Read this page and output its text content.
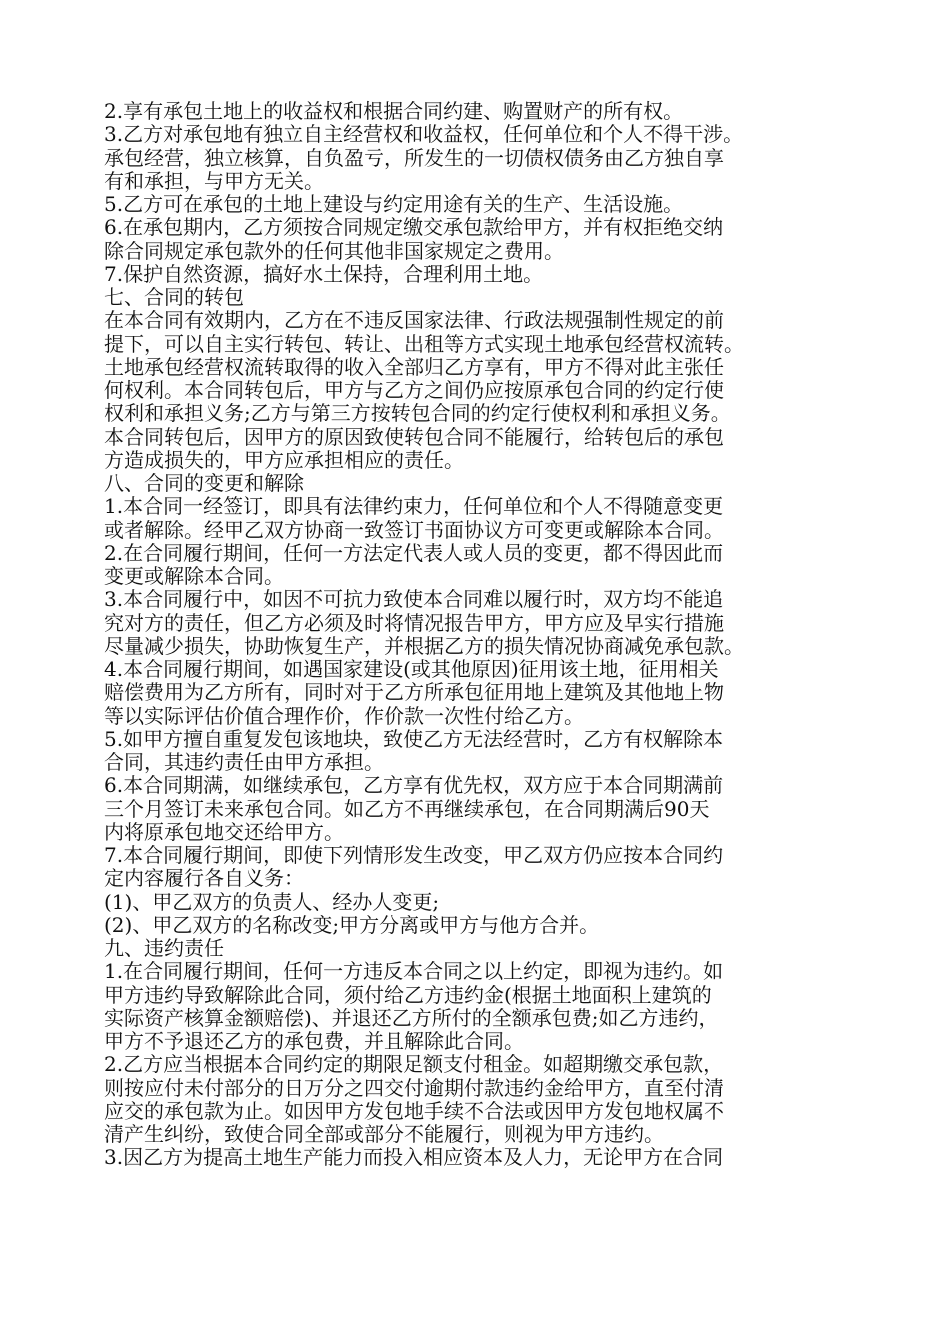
2.享有承包土地上的收益权和根据合同约建、购置财产的所有权。
3.乙方对承包地有独立自主经营权和收益权，任何单位和个人不得干涉。
承包经营，独立核算，自负盈亏，所发生的一切债权债务由乙方独自享
有和承担，与甲方无关。
5.乙方可在承包的土地上建设与约定用途有关的生产、生活设施。
6.在承包期内，乙方须按合同规定缴交承包款给甲方，并有权拒绝交纳
除合同规定承包款外的任何其他非国家规定之费用。
7.保护自然资源，搞好水土保持，合理利用土地。
七、合同的转包
在本合同有效期内，乙方在不违反国家法律、行政法规强制性规定的前
提下，可以自主实行转包、转让、出租等方式实现土地承包经营权流转。
土地承包经营权流转取得的收入全部归乙方享有，甲方不得对此主张任
何权利。本合同转包后，甲方与乙方之间仍应按原承包合同的约定行使
权利和承担义务;乙方与第三方按转包合同的约定行使权利和承担义务。
本合同转包后，因甲方的原因致使转包合同不能履行，给转包后的承包
方造成损失的，甲方应承担相应的责任。
八、合同的变更和解除
1.本合同一经签订，即具有法律约束力，任何单位和个人不得随意变更
或者解除。经甲乙双方协商一致签订书面协议方可变更或解除本合同。
2.在合同履行期间，任何一方法定代表人或人员的变更，都不得因此而
变更或解除本合同。
3.本合同履行中，如因不可抗力致使本合同难以履行时，双方均不能追
究对方的责任，但乙方必须及时将情况报告甲方，甲方应及早实行措施
尽量减少损失，协助恢复生产，并根据乙方的损失情况协商减免承包款。
4.本合同履行期间，如遇国家建设(或其他原因)征用该土地，征用相关
赔偿费用为乙方所有，同时对于乙方所承包征用地上建筑及其他地上物
等以实际评估价值合理作价，作价款一次性付给乙方。
5.如甲方擅自重复发包该地块，致使乙方无法经营时，乙方有权解除本
合同，其违约责任由甲方承担。
6.本合同期满，如继续承包，乙方享有优先权，双方应于本合同期满前
三个月签订未来承包合同。如乙方不再继续承包，在合同期满后90天
内将原承包地交还给甲方。
7.本合同履行期间，即使下列情形发生改变，甲乙双方仍应按本合同约
定内容履行各自义务：
(1)、甲乙双方的负责人、经办人变更;
(2)、甲乙双方的名称改变;甲方分离或甲方与他方合并。
九、违约责任
1.在合同履行期间，任何一方违反本合同之以上约定，即视为违约。如
甲方违约导致解除此合同，须付给乙方违约金(根据土地面积上建筑的
实际资产核算金额赔偿)、并退还乙方所付的全额承包费;如乙方违约，
甲方不予退还乙方的承包费，并且解除此合同。
2.乙方应当根据本合同约定的期限足额支付租金。如超期缴交承包款，
则按应付未付部分的日万分之四交付逾期付款违约金给甲方，直至付清
应交的承包款为止。如因甲方发包地手续不合法或因甲方发包地权属不
清产生纠纷，致使合同全部或部分不能履行，则视为甲方违约。
3.因乙方为提高土地生产能力而投入相应资本及人力，无论甲方在合同
